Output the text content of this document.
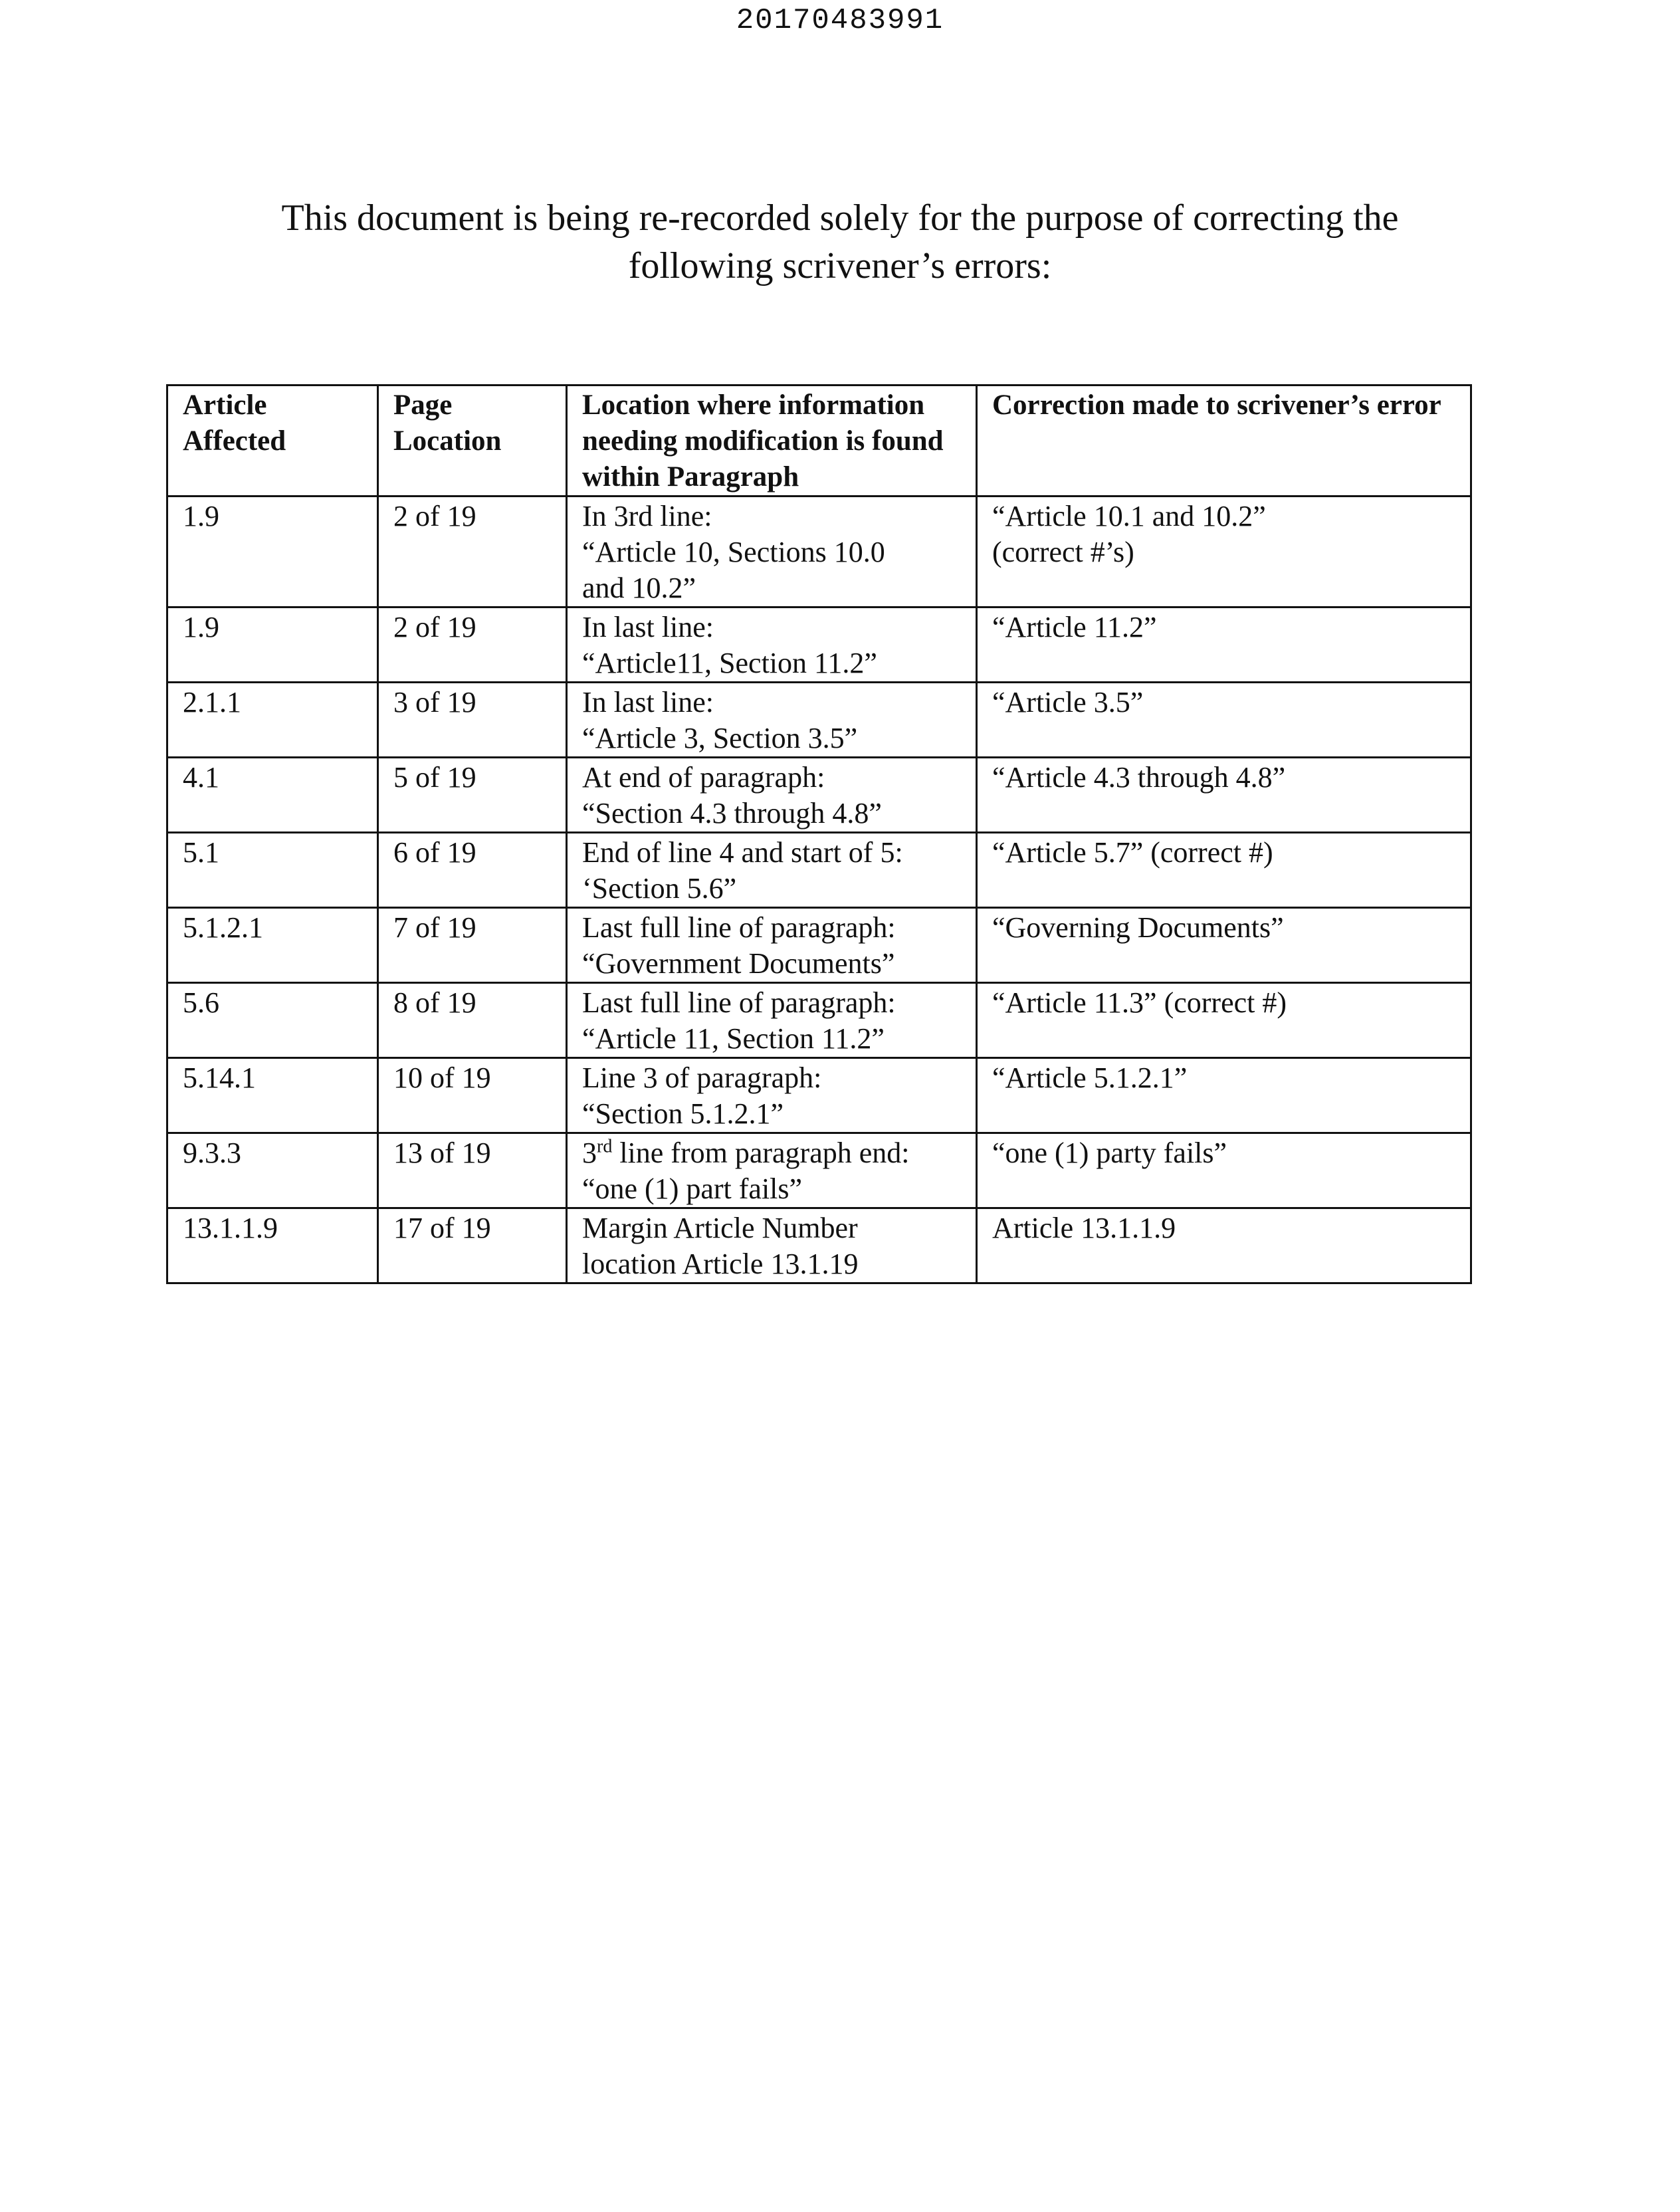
20170483991
This document is being re-recorded solely for the purpose of correcting the
following scrivener’s errors:
Article Affected	Page Location	Location where information needing modification is found within Paragraph	Correction made to scrivener’s error

1.9	2 of 19	In 3rd line:
“Article 10, Sections 10.0
and 10.2”	“Article 10.1 and 10.2”
(correct #’s)

1.9	2 of 19	In last line:
“Article11, Section 11.2”	“Article 11.2”

2.1.1	3 of 19	In last line:
“Article 3, Section 3.5”	“Article 3.5”

4.1	5 of 19	At end of paragraph:
“Section 4.3 through 4.8”	“Article 4.3 through 4.8”

5.1	6 of 19	End of line 4 and start of 5:
‘Section 5.6”	“Article 5.7” (correct #)

5.1.2.1	7 of 19	Last full line of paragraph:
“Government Documents”	“Governing Documents”

5.6	8 of 19	Last full line of paragraph:
“Article 11, Section 11.2”	“Article 11.3” (correct #)

5.14.1	10 of 19	Line 3 of paragraph:
“Section 5.1.2.1”	“Article 5.1.2.1”

9.3.3	13 of 19	3rd line from paragraph end:
“one (1) part fails”	“one (1) party fails”

13.1.1.9	17 of 19	Margin Article Number
location Article 13.1.19	Article 13.1.1.9
